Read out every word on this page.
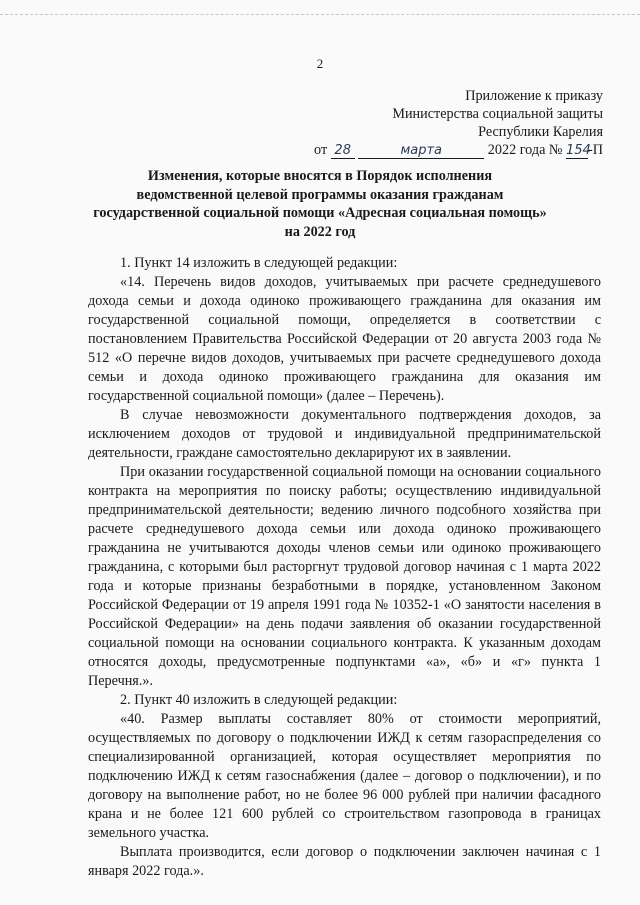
2
Приложение к приказу
Министерства социальной защиты
Республики Карелия
от 28	марта	2022 года № 154-П
Изменения, которые вносятся в Порядок исполнения
ведомственной целевой программы оказания гражданам
государственной социальной помощи «Адресная социальная помощь»
на 2022 год

1. Пункт 14 изложить в следующей редакции:

«14. Перечень видов доходов, учитываемых при расчете среднедушевого дохода семьи и дохода одиноко проживающего гражданина для оказания им государственной социальной помощи, определяется в соответствии с постановлением Правительства Российской Федерации от 20 августа 2003 года № 512 «О перечне видов доходов, учитываемых при расчете среднедушевого дохода семьи и дохода одиноко проживающего гражданина для оказания им государственной социальной помощи» (далее – Перечень).

В случае невозможности документального подтверждения доходов, за исключением доходов от трудовой и индивидуальной предпринимательской деятельности, граждане самостоятельно декларируют их в заявлении.

При оказании государственной социальной помощи на основании социального контракта на мероприятия по поиску работы; осуществлению индивидуальной предпринимательской деятельности; ведению личного подсобного хозяйства при расчете среднедушевого дохода семьи или дохода одиноко проживающего гражданина не учитываются доходы членов семьи или одиноко проживающего гражданина, с которыми был расторгнут трудовой договор начиная с 1 марта 2022 года и которые признаны безработными в порядке, установленном Законом Российской Федерации от 19 апреля 1991 года № 10352-1 «О занятости населения в Российской Федерации» на день подачи заявления об оказании государственной социальной помощи на основании социального контракта. К указанным доходам относятся доходы, предусмотренные подпунктами «а», «б» и «г» пункта 1 Перечня.».

2. Пункт 40 изложить в следующей редакции:

«40. Размер выплаты составляет 80% от стоимости мероприятий, осуществляемых по договору о подключении ИЖД к сетям газораспределения со специализированной организацией, которая осуществляет мероприятия по подключению ИЖД к сетям газоснабжения (далее – договор о подключении), и по договору на выполнение работ, но не более 96 000 рублей при наличии фасадного крана и не более 121 600 рублей со строительством газопровода в границах земельного участка.

Выплата производится, если договор о подключении заключен начиная с 1 января 2022 года.».
